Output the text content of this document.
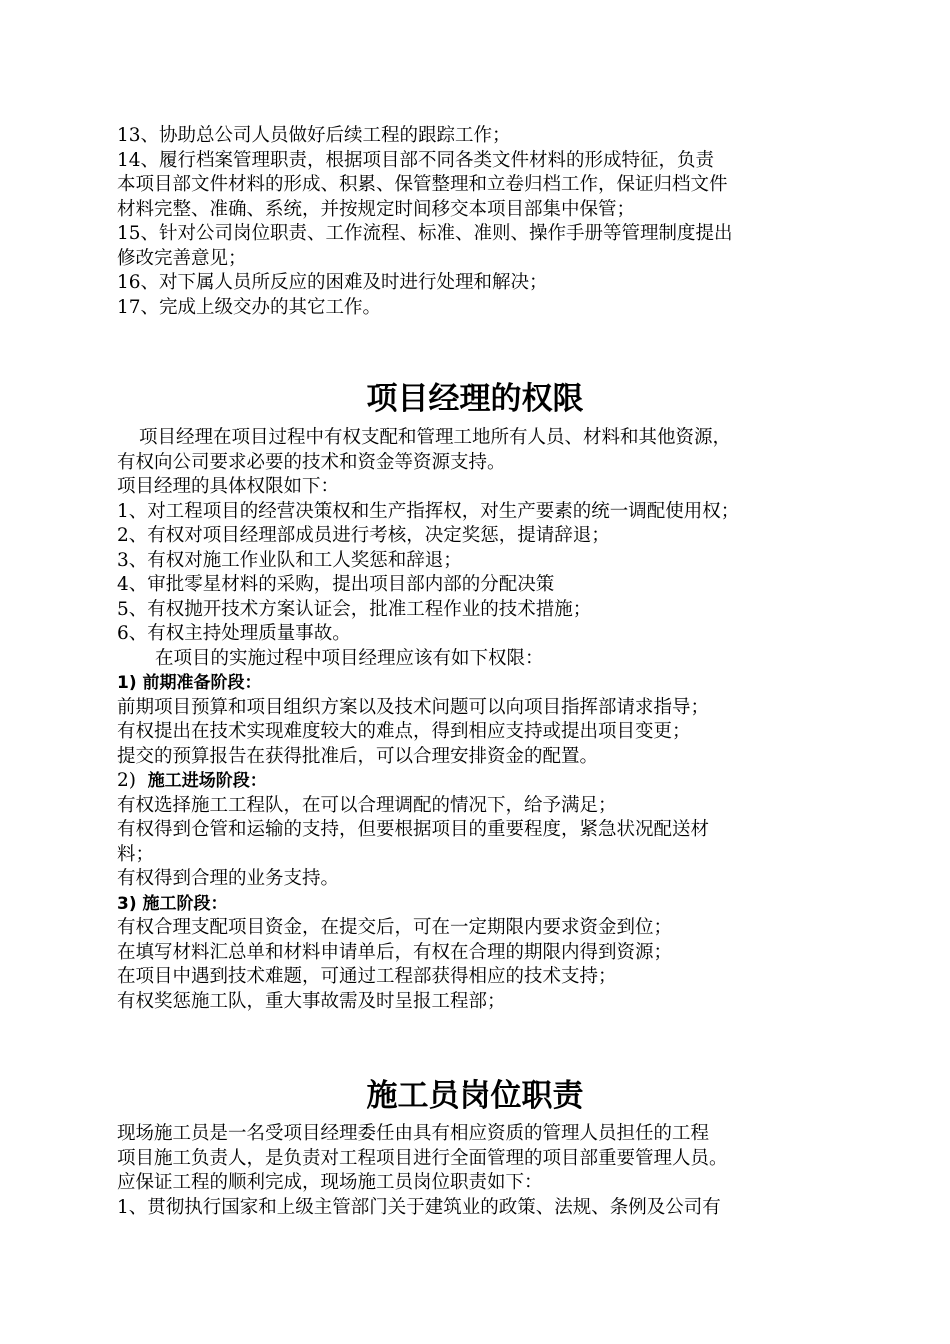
13、协助总公司人员做好后续工程的跟踪工作；
14、履行档案管理职责，根据项目部不同各类文件材料的形成特征，负责
本项目部文件材料的形成、积累、保管整理和立卷归档工作，保证归档文件
材料完整、准确、系统，并按规定时间移交本项目部集中保管；
15、针对公司岗位职责、工作流程、标准、准则、操作手册等管理制度提出
修改完善意见；
16、对下属人员所反应的困难及时进行处理和解决；
17、完成上级交办的其它工作。
项目经理的权限
项目经理在项目过程中有权支配和管理工地所有人员、材料和其他资源，
有权向公司要求必要的技术和资金等资源支持。
项目经理的具体权限如下：
1、对工程项目的经营决策权和生产指挥权，对生产要素的统一调配使用权；
2、有权对项目经理部成员进行考核，决定奖惩，提请辞退；
3、有权对施工作业队和工人奖惩和辞退；
4、审批零星材料的采购，提出项目部内部的分配决策
5、有权抛开技术方案认证会，批准工程作业的技术措施；
6、有权主持处理质量事故。
在项目的实施过程中项目经理应该有如下权限：
1) 前期准备阶段：
前期项目预算和项目组织方案以及技术问题可以向项目指挥部请求指导；
有权提出在技术实现难度较大的难点，得到相应支持或提出项目变更；
提交的预算报告在获得批准后，可以合理安排资金的配置。
2) 施工进场阶段：
有权选择施工工程队，在可以合理调配的情况下，给予满足；
有权得到仓管和运输的支持，但要根据项目的重要程度，紧急状况配送材
料；
有权得到合理的业务支持。
3) 施工阶段：
有权合理支配项目资金，在提交后，可在一定期限内要求资金到位；
在填写材料汇总单和材料申请单后，有权在合理的期限内得到资源；
在项目中遇到技术难题，可通过工程部获得相应的技术支持；
有权奖惩施工队，重大事故需及时呈报工程部；
施工员岗位职责
现场施工员是一名受项目经理委任由具有相应资质的管理人员担任的工程
项目施工负责人，是负责对工程项目进行全面管理的项目部重要管理人员。
应保证工程的顺利完成，现场施工员岗位职责如下：
1、贯彻执行国家和上级主管部门关于建筑业的政策、法规、条例及公司有
